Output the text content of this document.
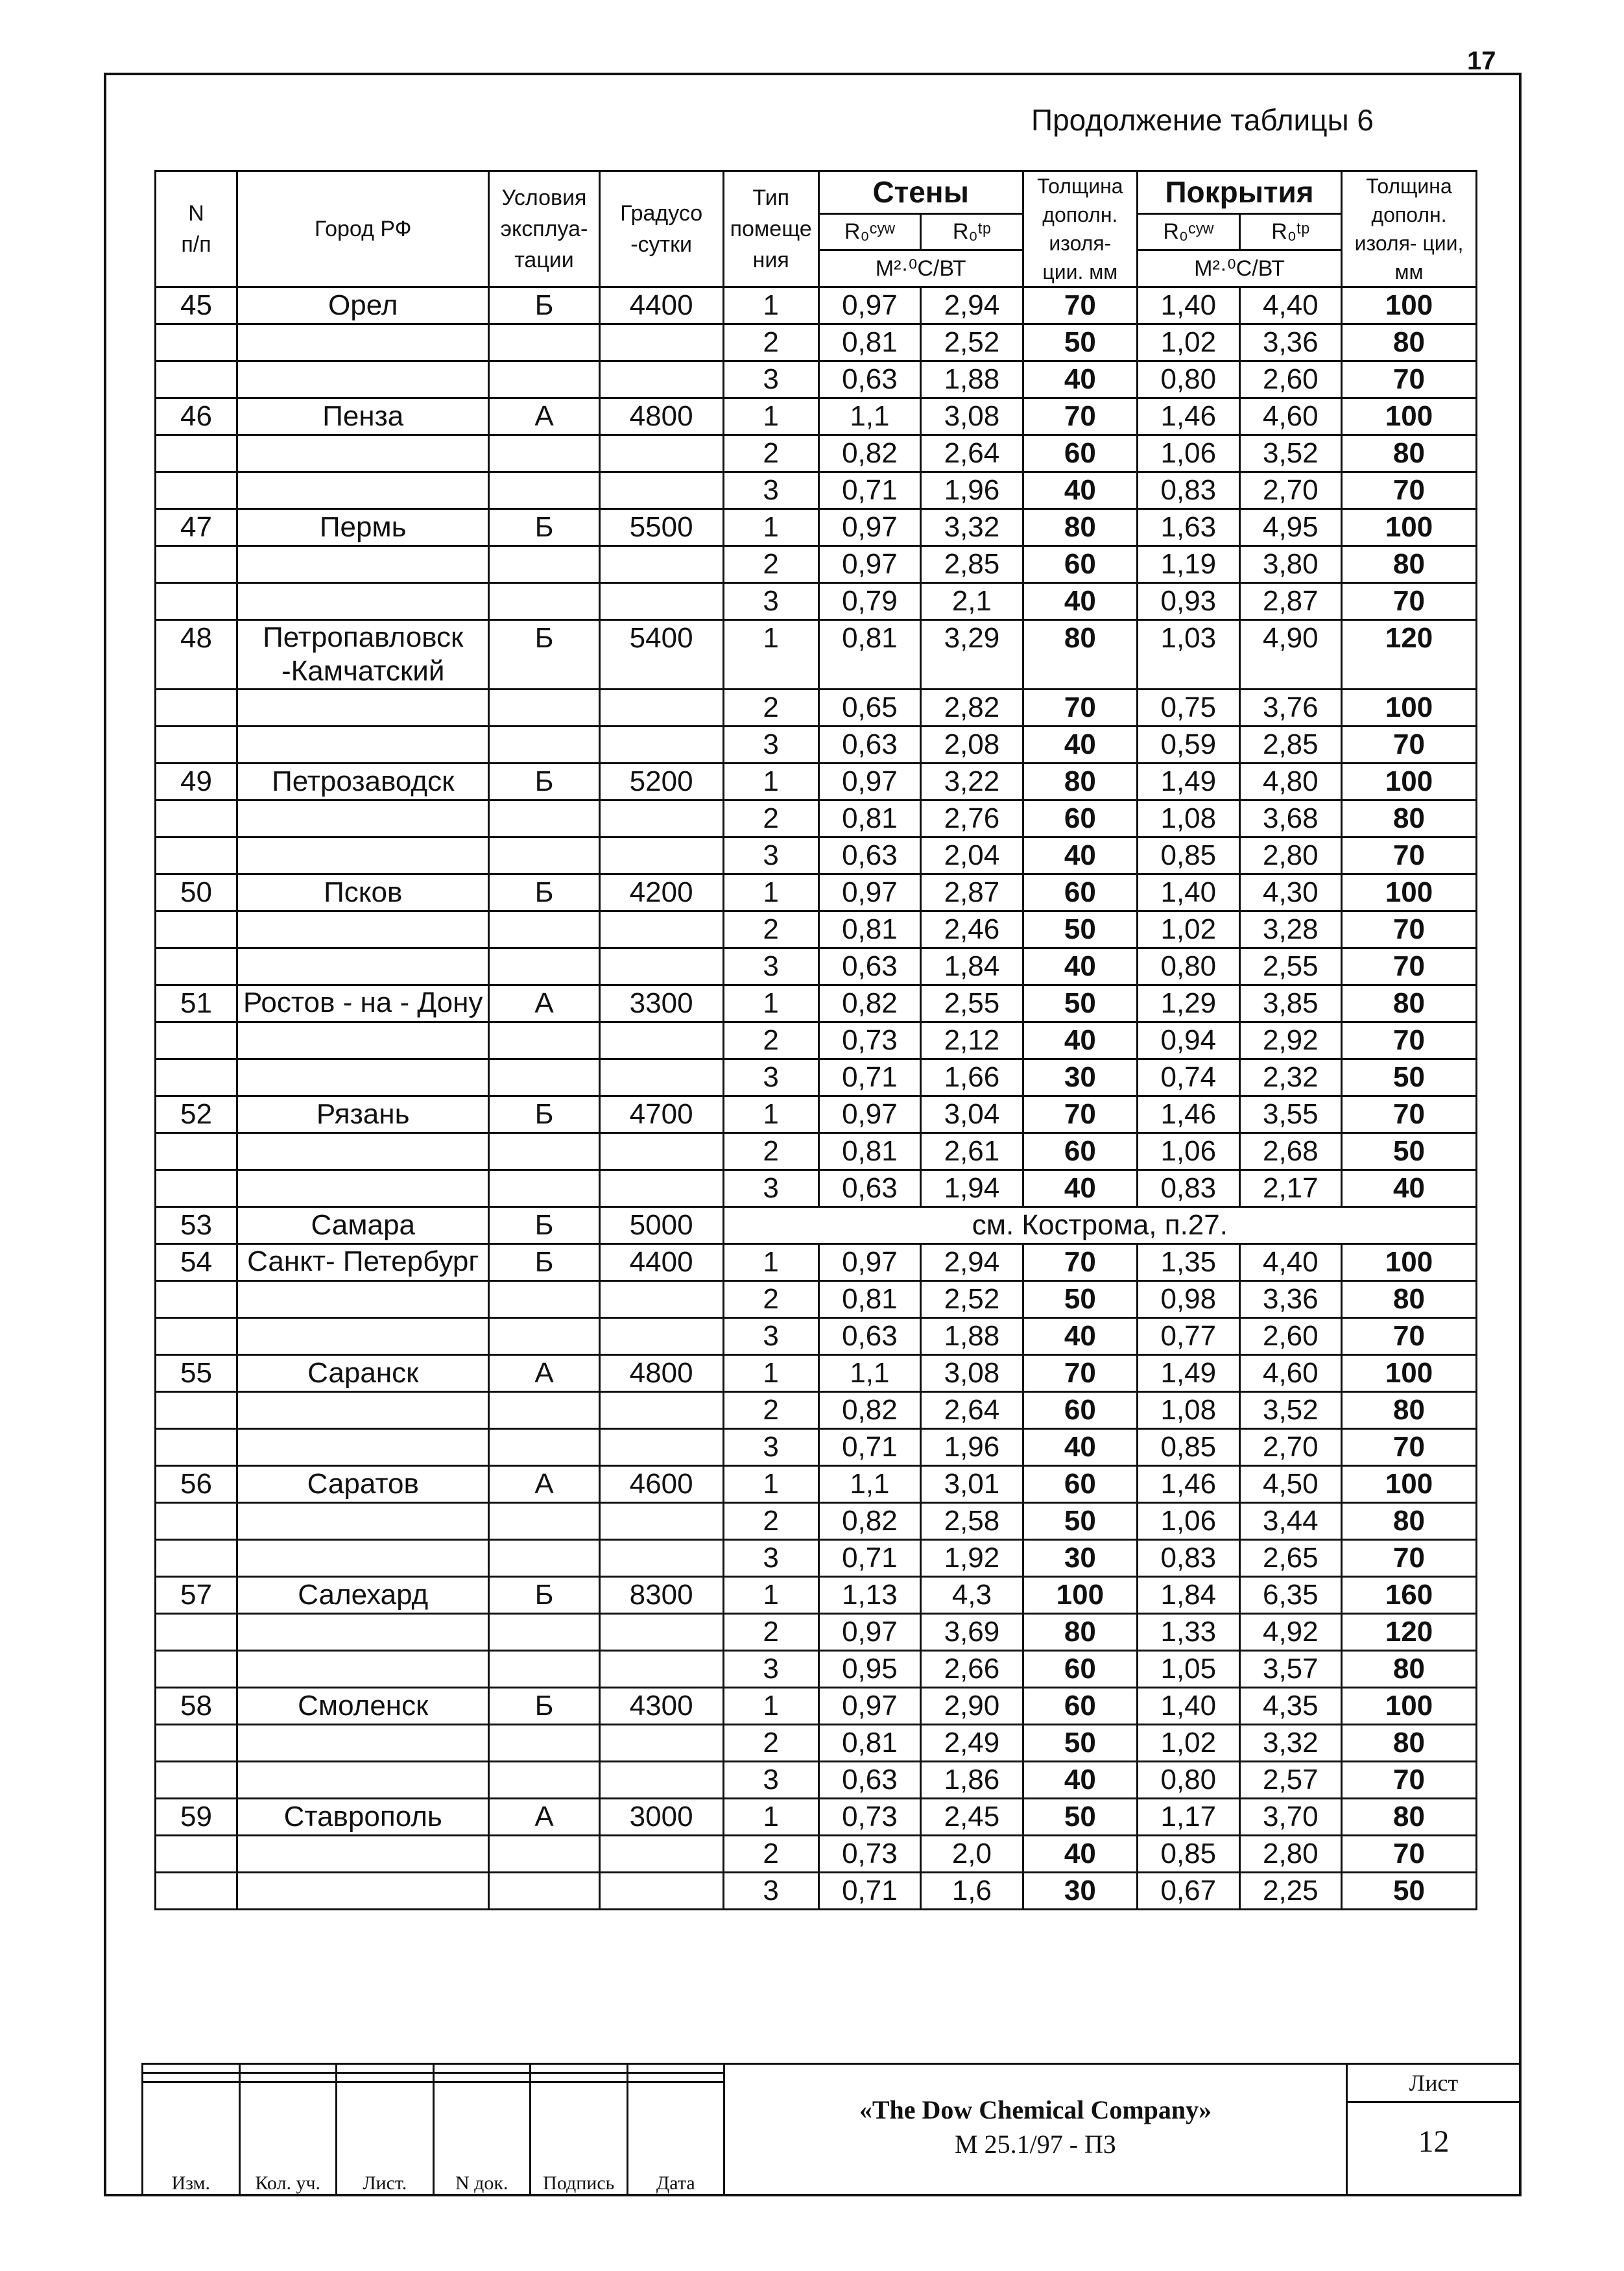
17
Продолжение таблицы 6
N
п/п	Город РФ	Условия эксплуа- тации	Градусо -сутки	Тип помеще ния	Стены		Толщина дополн. изоля- ции. мм	Покрытия		Толщина дополн. изоля- ции, мм
					R₀ᶜʸʷ	R₀ᵗᵖ		R₀ᶜʸʷ	R₀ᵗᵖ	
					М²·⁰С/ВТ			М²·⁰С/ВТ		
45	Орел	Б	4400	1	0,97	2,94	70	1,40	4,40	100
				2	0,81	2,52	50	1,02	3,36	80
				3	0,63	1,88	40	0,80	2,60	70
46	Пенза	А	4800	1	1,1	3,08	70	1,46	4,60	100
				2	0,82	2,64	60	1,06	3,52	80
				3	0,71	1,96	40	0,83	2,70	70
47	Пермь	Б	5500	1	0,97	3,32	80	1,63	4,95	100
				2	0,97	2,85	60	1,19	3,80	80
				3	0,79	2,1	40	0,93	2,87	70
48	Петропавловск -Камчатский	Б	5400	1	0,81	3,29	80	1,03	4,90	120
				2	0,65	2,82	70	0,75	3,76	100
				3	0,63	2,08	40	0,59	2,85	70
49	Петрозаводск	Б	5200	1	0,97	3,22	80	1,49	4,80	100
				2	0,81	2,76	60	1,08	3,68	80
				3	0,63	2,04	40	0,85	2,80	70
50	Псков	Б	4200	1	0,97	2,87	60	1,40	4,30	100
				2	0,81	2,46	50	1,02	3,28	70
				3	0,63	1,84	40	0,80	2,55	70
51	Ростов - на - Дону	А	3300	1	0,82	2,55	50	1,29	3,85	80
				2	0,73	2,12	40	0,94	2,92	70
				3	0,71	1,66	30	0,74	2,32	50
52	Рязань	Б	4700	1	0,97	3,04	70	1,46	3,55	70
				2	0,81	2,61	60	1,06	2,68	50
				3	0,63	1,94	40	0,83	2,17	40
53	Самара	Б	5000	см. Кострома, п.27.						
54	Санкт- Петербург	Б	4400	1	0,97	2,94	70	1,35	4,40	100
				2	0,81	2,52	50	0,98	3,36	80
				3	0,63	1,88	40	0,77	2,60	70
55	Саранск	А	4800	1	1,1	3,08	70	1,49	4,60	100
				2	0,82	2,64	60	1,08	3,52	80
				3	0,71	1,96	40	0,85	2,70	70
56	Саратов	А	4600	1	1,1	3,01	60	1,46	4,50	100
				2	0,82	2,58	50	1,06	3,44	80
				3	0,71	1,92	30	0,83	2,65	70
57	Салехард	Б	8300	1	1,13	4,3	100	1,84	6,35	160
				2	0,97	3,69	80	1,33	4,92	120
				3	0,95	2,66	60	1,05	3,57	80
58	Смоленск	Б	4300	1	0,97	2,90	60	1,40	4,35	100
				2	0,81	2,49	50	1,02	3,32	80
				3	0,63	1,86	40	0,80	2,57	70
59	Ставрополь	А	3000	1	0,73	2,45	50	1,17	3,70	80
				2	0,73	2,0	40	0,85	2,80	70
				3	0,71	1,6	30	0,67	2,25	50

Изм.	Кол. уч.	Лист.	N док.	Подпись	Дата
«The Dow Chemical Company»
М 25.1/97 - ПЗ
Лист
12
